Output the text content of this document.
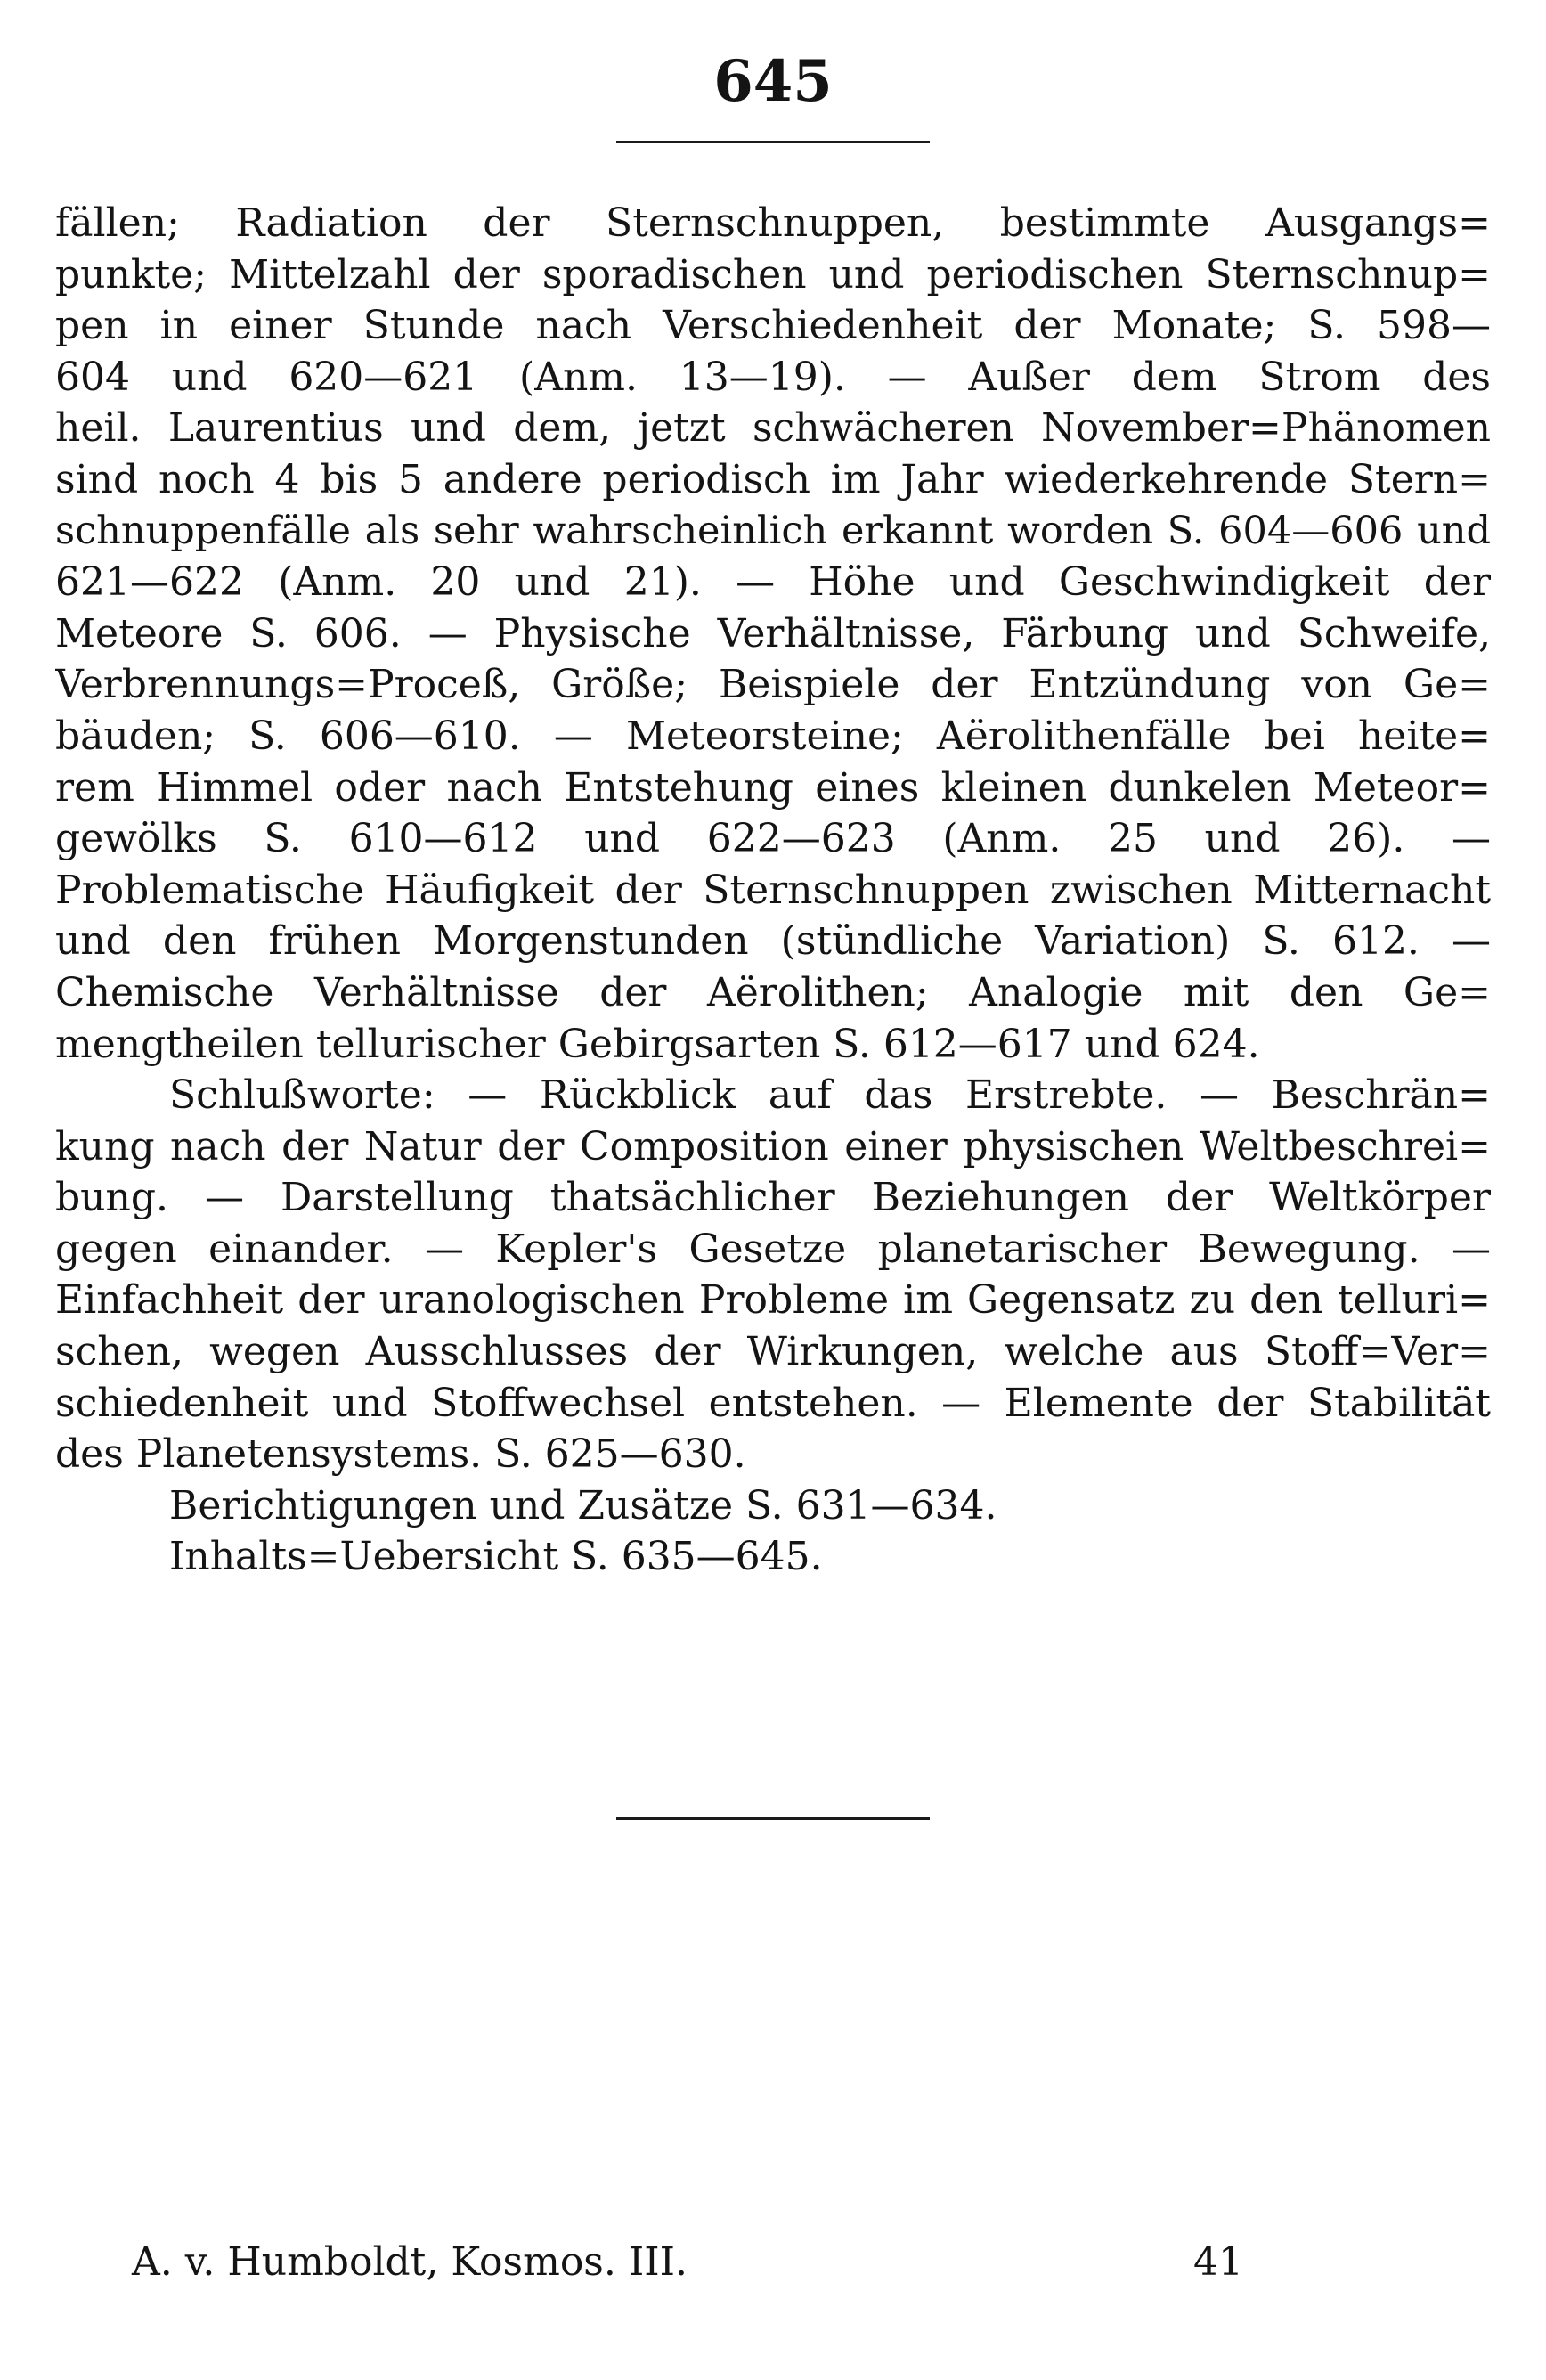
645
fällen; Radiation der Sternschnuppen, bestimmte Ausgangs=
punkte; Mittelzahl der sporadischen und periodischen Sternschnup=
pen in einer Stunde nach Verschiedenheit der Monate; S. 598—
604 und 620—621 (Anm. 13—19). — Außer dem Strom des
heil. Laurentius und dem, jetzt schwächeren November=Phänomen
sind noch 4 bis 5 andere periodisch im Jahr wiederkehrende Stern=
schnuppenfälle als sehr wahrscheinlich erkannt worden S. 604—606 und
621—622 (Anm. 20 und 21). — Höhe und Geschwindigkeit der
Meteore S. 606. — Physische Verhältnisse, Färbung und Schweife,
Verbrennungs=Proceß, Größe; Beispiele der Entzündung von Ge=
bäuden; S. 606—610. — Meteorsteine; Aërolithenfälle bei heite=
rem Himmel oder nach Entstehung eines kleinen dunkelen Meteor=
gewölks S. 610—612 und 622—623 (Anm. 25 und 26). —
Problematische Häufigkeit der Sternschnuppen zwischen Mitternacht
und den frühen Morgenstunden (stündliche Variation) S. 612. —
Chemische Verhältnisse der Aërolithen; Analogie mit den Ge=
mengtheilen tellurischer Gebirgsarten S. 612—617 und 624.
Schlußworte: — Rückblick auf das Erstrebte. — Beschrän=
kung nach der Natur der Composition einer physischen Weltbeschrei=
bung. — Darstellung thatsächlicher Beziehungen der Weltkörper
gegen einander. — Kepler's Gesetze planetarischer Bewegung. —
Einfachheit der uranologischen Probleme im Gegensatz zu den telluri=
schen, wegen Ausschlusses der Wirkungen, welche aus Stoff=Ver=
schiedenheit und Stoffwechsel entstehen. — Elemente der Stabilität
des Planetensystems. S. 625—630.
Berichtigungen und Zusätze S. 631—634.
Inhalts=Uebersicht S. 635—645.
A. v. Humboldt, Kosmos. III.	41
